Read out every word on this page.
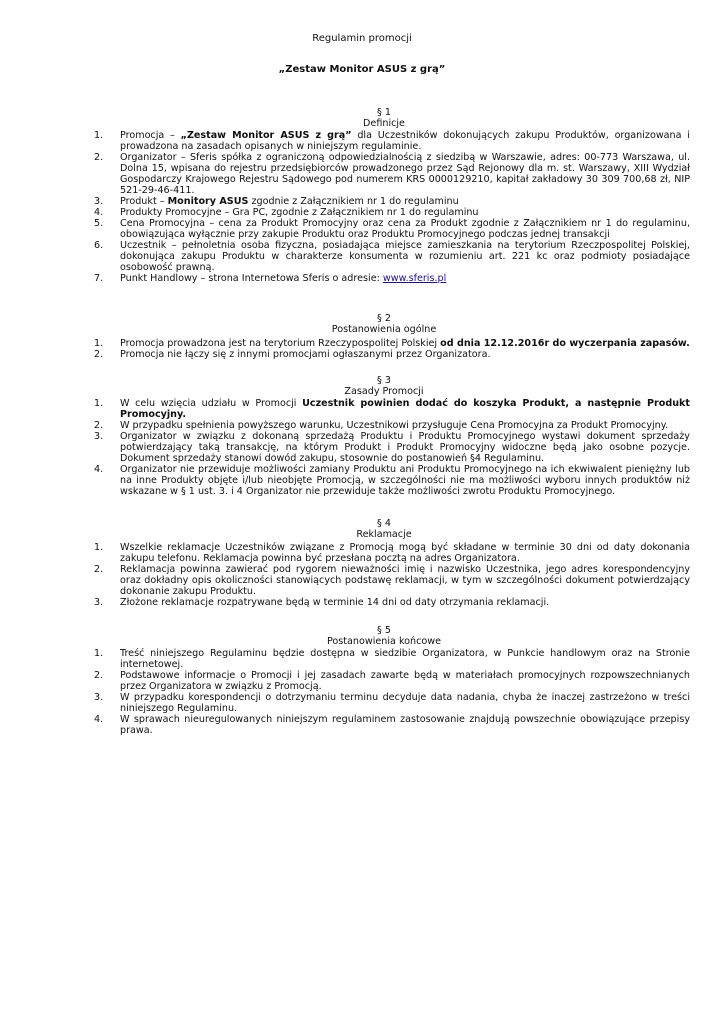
Regulamin promocji
„Zestaw Monitor ASUS z grą”
§ 1
Definicje
1. Promocja – „Zestaw Monitor ASUS z grą” dla Uczestników dokonujących zakupu Produktów, organizowana i prowadzona na zasadach opisanych w niniejszym regulaminie.
2. Organizator – Sferis spółka z ograniczoną odpowiedzialnością z siedzibą w Warszawie, adres: 00-773 Warszawa, ul. Dolna 15, wpisana do rejestru przedsiębiorców prowadzonego przez Sąd Rejonowy dla m. st. Warszawy, XIII Wydział Gospodarczy Krajowego Rejestru Sądowego pod numerem KRS 0000129210, kapitał zakładowy 30 309 700,68 zł, NIP 521-29-46-411.
3. Produkt – Monitory ASUS zgodnie z Załącznikiem nr 1 do regulaminu
4. Produkty Promocyjne – Gra PC, zgodnie z Załącznikiem nr 1 do regulaminu
5. Cena Promocyjna – cena za Produkt Promocyjny oraz cena za Produkt zgodnie z Załącznikiem nr 1 do regulaminu, obowiązująca wyłącznie przy zakupie Produktu oraz Produktu Promocyjnego podczas jednej transakcji
6. Uczestnik – pełnoletnia osoba fizyczna, posiadająca miejsce zamieszkania na terytorium Rzeczpospolitej Polskiej, dokonująca zakupu Produktu w charakterze konsumenta w rozumieniu art. 221 kc oraz podmioty posiadające osobowość prawną.
7. Punkt Handlowy – strona Internetowa Sferis o adresie: www.sferis.pl
§ 2
Postanowienia ogólne
1. Promocja prowadzona jest na terytorium Rzeczypospolitej Polskiej od dnia 12.12.2016r do wyczerpania zapasów.
2. Promocja nie łączy się z innymi promocjami ogłaszanymi przez Organizatora.
§ 3
Zasady Promocji
1. W celu wzięcia udziału w Promocji Uczestnik powinien dodać do koszyka Produkt, a następnie Produkt Promocyjny.
2. W przypadku spełnienia powyższego warunku, Uczestnikowi przysługuje Cena Promocyjna za Produkt Promocyjny.
3. Organizator w związku z dokonaną sprzedażą Produktu i Produktu Promocyjnego wystawi dokument sprzedaży potwierdzający taką transakcję, na którym Produkt i Produkt Promocyjny widoczne będą jako osobne pozycje. Dokument sprzedaży stanowi dowód zakupu, stosownie do postanowień §4 Regulaminu.
4. Organizator nie przewiduje możliwości zamiany Produktu ani Produktu Promocyjnego na ich ekwiwalent pieniężny lub na inne Produkty objęte i/lub nieobjęte Promocją, w szczególności nie ma możliwości wyboru innych produktów niż wskazane w § 1 ust. 3. i 4 Organizator nie przewiduje także możliwości zwrotu Produktu Promocyjnego.
§ 4
Reklamacje
1. Wszelkie reklamacje Uczestników związane z Promocją mogą być składane w terminie 30 dni od daty dokonania zakupu telefonu. Reklamacja powinna być przesłana pocztą na adres Organizatora.
2. Reklamacja powinna zawierać pod rygorem nieważności imię i nazwisko Uczestnika, jego adres korespondencyjny oraz dokładny opis okoliczności stanowiących podstawę reklamacji, w tym w szczególności dokument potwierdzający dokonanie zakupu Produktu.
3. Złożone reklamacje rozpatrywane będą w terminie 14 dni od daty otrzymania reklamacji.
§ 5
Postanowienia końcowe
1. Treść niniejszego Regulaminu będzie dostępna w siedzibie Organizatora, w Punkcie handlowym oraz na Stronie internetowej.
2. Podstawowe informacje o Promocji i jej zasadach zawarte będą w materiałach promocyjnych rozpowszechnianych przez Organizatora w związku z Promocją.
3. W przypadku korespondencji o dotrzymaniu terminu decyduje data nadania, chyba że inaczej zastrzeżono w treści niniejszego Regulaminu.
4. W sprawach nieuregulowanych niniejszym regulaminem zastosowanie znajdują powszechnie obowiązujące przepisy prawa.
